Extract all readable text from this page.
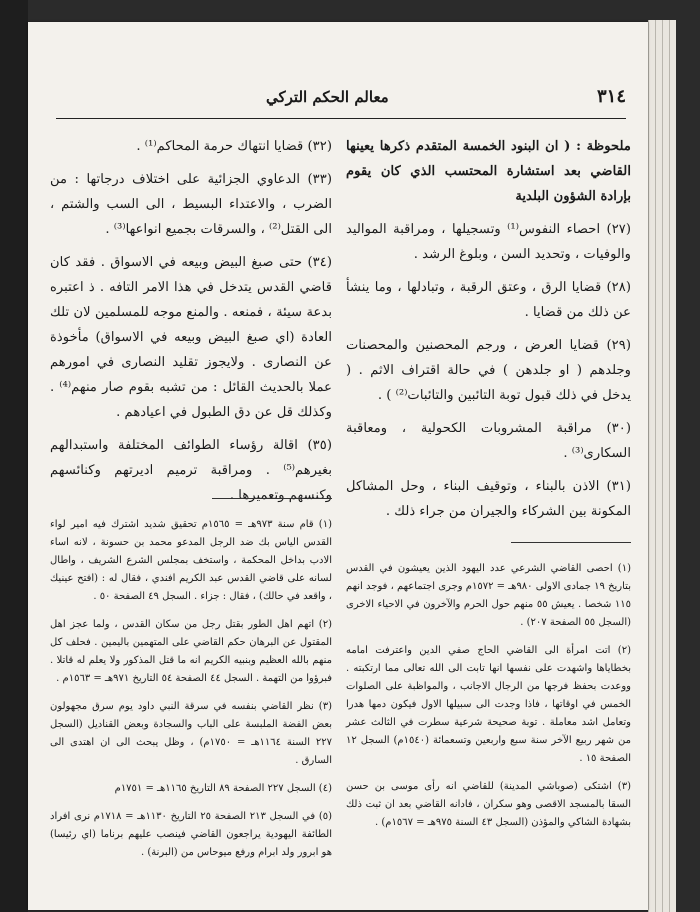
٣١٤
معالم الحكم التركي

ملحوظة : ( ان البنود الخمسة المتقدم ذكرها يعينها القاضي بعد استشارة المحتسب الذي كان يقوم بإرادة الشؤون البلدية

(٢٧) احصاء النفوس⁽¹⁾ وتسجيلها ، ومراقبة المواليد والوفيات ، وتحديد السن ، وبلوغ الرشد .

(٢٨) قضايا الرق ، وعتق الرقبة ، وتبادلها ، وما ينشأ عن ذلك من قضايا .

(٢٩) قضايا العرض ، ورجم المحصنين والمحصنات وجلدهم ( او جلدهن ) في حالة اقتراف الاثم . ( يدخل في ذلك قبول توبة التائبين والتائبات⁽²⁾ ) .

(٣٠) مراقبة المشروبات الكحولية ، ومعاقبة السكارى⁽³⁾ .

(٣١) الاذن بالبناء ، وتوقيف البناء ، وحل المشاكل المكونة بين الشركاء والجيران من جراء ذلك .

(٣٢) قضايا انتهاك حرمة المحاكم⁽¹⁾ .

(٣٣) الدعاوي الجزائية على اختلاف درجاتها : من الضرب ، والاعتداء البسيط ، الى السب والشتم ، الى القتل⁽²⁾ ، والسرقات بجميع انواعها⁽³⁾ .

(٣٤) حتى صبغ البيض وبيعه في الاسواق . فقد كان قاضي القدس يتدخل في هذا الامر التافه . ذ اعتبره بدعة سيئة ، فمنعه . والمنع موجه للمسلمين لان تلك العادة (اي صبغ البيض وبيعه في الاسواق) مأخوذة عن النصارى . ولايجوز تقليد النصارى في امورهم عملا بالحديث القائل : من تشبه بقوم صار منهم⁽⁴⁾ . وكذلك قل عن دق الطبول في اعيادهم .

(٣٥) اقالة رؤساء الطوائف المختلفة واستبدالهم بغيرهم⁽⁵⁾ . ومراقبة ترميم اديرتهم وكنائسهم وكنسهم وتعميرها .

(١) احصى القاضي الشرعي عدد اليهود الذين يعيشون في القدس بتاريخ ١٩ جمادى الاولى ٩٨٠هـ = ١٥٧٢م وجرى اجتماعهم ، فوجد انهم ١١٥ شخصا . يعيش ٥٥ منهم حول الحرم والآخرون في الاحياء الاخرى (السجل ٥٥ الصفحة ٢٠٧) .

(٢) اتت امرأة الى القاضي الحاج صفي الدين واعترفت امامه بخطاياها واشهدت على نفسها انها تابت الى الله تعالى مما ارتكبته . ووعدت بحفظ فرجها من الرجال الاجانب ، والمواظبة على الصلوات الخمس في اوقاتها ، فاذا وجدت الى سبيلها الاول فيكون دمها هدرا وتعامل اشد معاملة . توبة صحيحة شرعية سطرت في الثالث عشر من شهر ربيع الآخر سنة سبع واربعين وتسعمائة (١٥٤٠م) السجل ١٢ الصفحة ١٥ .

(٣) اشتكى (صوباشي المدينة) للقاضي انه رأى موسى بن حسن السقا بالمسجد الاقصى وهو سكران ، فادانه القاضي بعد ان ثبت ذلك بشهادة الشاكي والمؤذن (السجل ٤٣ السنة ٩٧٥هـ = ١٥٦٧م) .

(١) قام سنة ٩٧٣هـ = ١٥٦٥م تحقيق شديد اشترك فيه امير لواء القدس الياس بك ضد الرجل المدعو محمد بن حسونة ، لانه اساء الادب بداخل المحكمة ، واستخف بمجلس الشرع الشريف ، واطال لسانه على قاضي القدس عبد الكريم افندي ، فقال له : (افتح عينيك ، واقعد في حالك) ، فقال : جزاء . السجل ٤٩ الصفحة ٥٠ .

(٢) اتهم اهل الطور بقتل رجل من سكان القدس ، ولما عجز اهل المقتول عن البرهان حكم القاضي على المتهمين باليمين . فحلف كل منهم بالله العظيم وبنبيه الكريم انه ما قتل المذكور ولا يعلم له قاتلا . فبرؤوا من التهمة . السجل ٤٤ الصفحة ٥٤ التاريخ ٩٧١هـ = ١٥٦٣م .

(٣) نظر القاضي بنفسه في سرقة النبي داود يوم سرق مجهولون بعض الفضة الملبسة على الباب والسجادة وبعض القناديل (السجل ٢٢٧ السنة ١١٦٤هـ = ١٧٥٠م) ، وظل يبحث الى ان اهتدى الى السارق .

(٤) السجل ٢٢٧ الصفحة ٨٩ التاريخ ١١٦٥هـ = ١٧٥١م

(٥) في السجل ٢١٣ الصفحة ٢٥ التاريخ ١١٣٠هـ = ١٧١٨م نرى افراد الطائفة اليهودية يراجعون القاضي فينصب عليهم برناما (اي رئيسا) هو ابرور ولد ابرام ورفع ميوحاس من (البرنة) .
